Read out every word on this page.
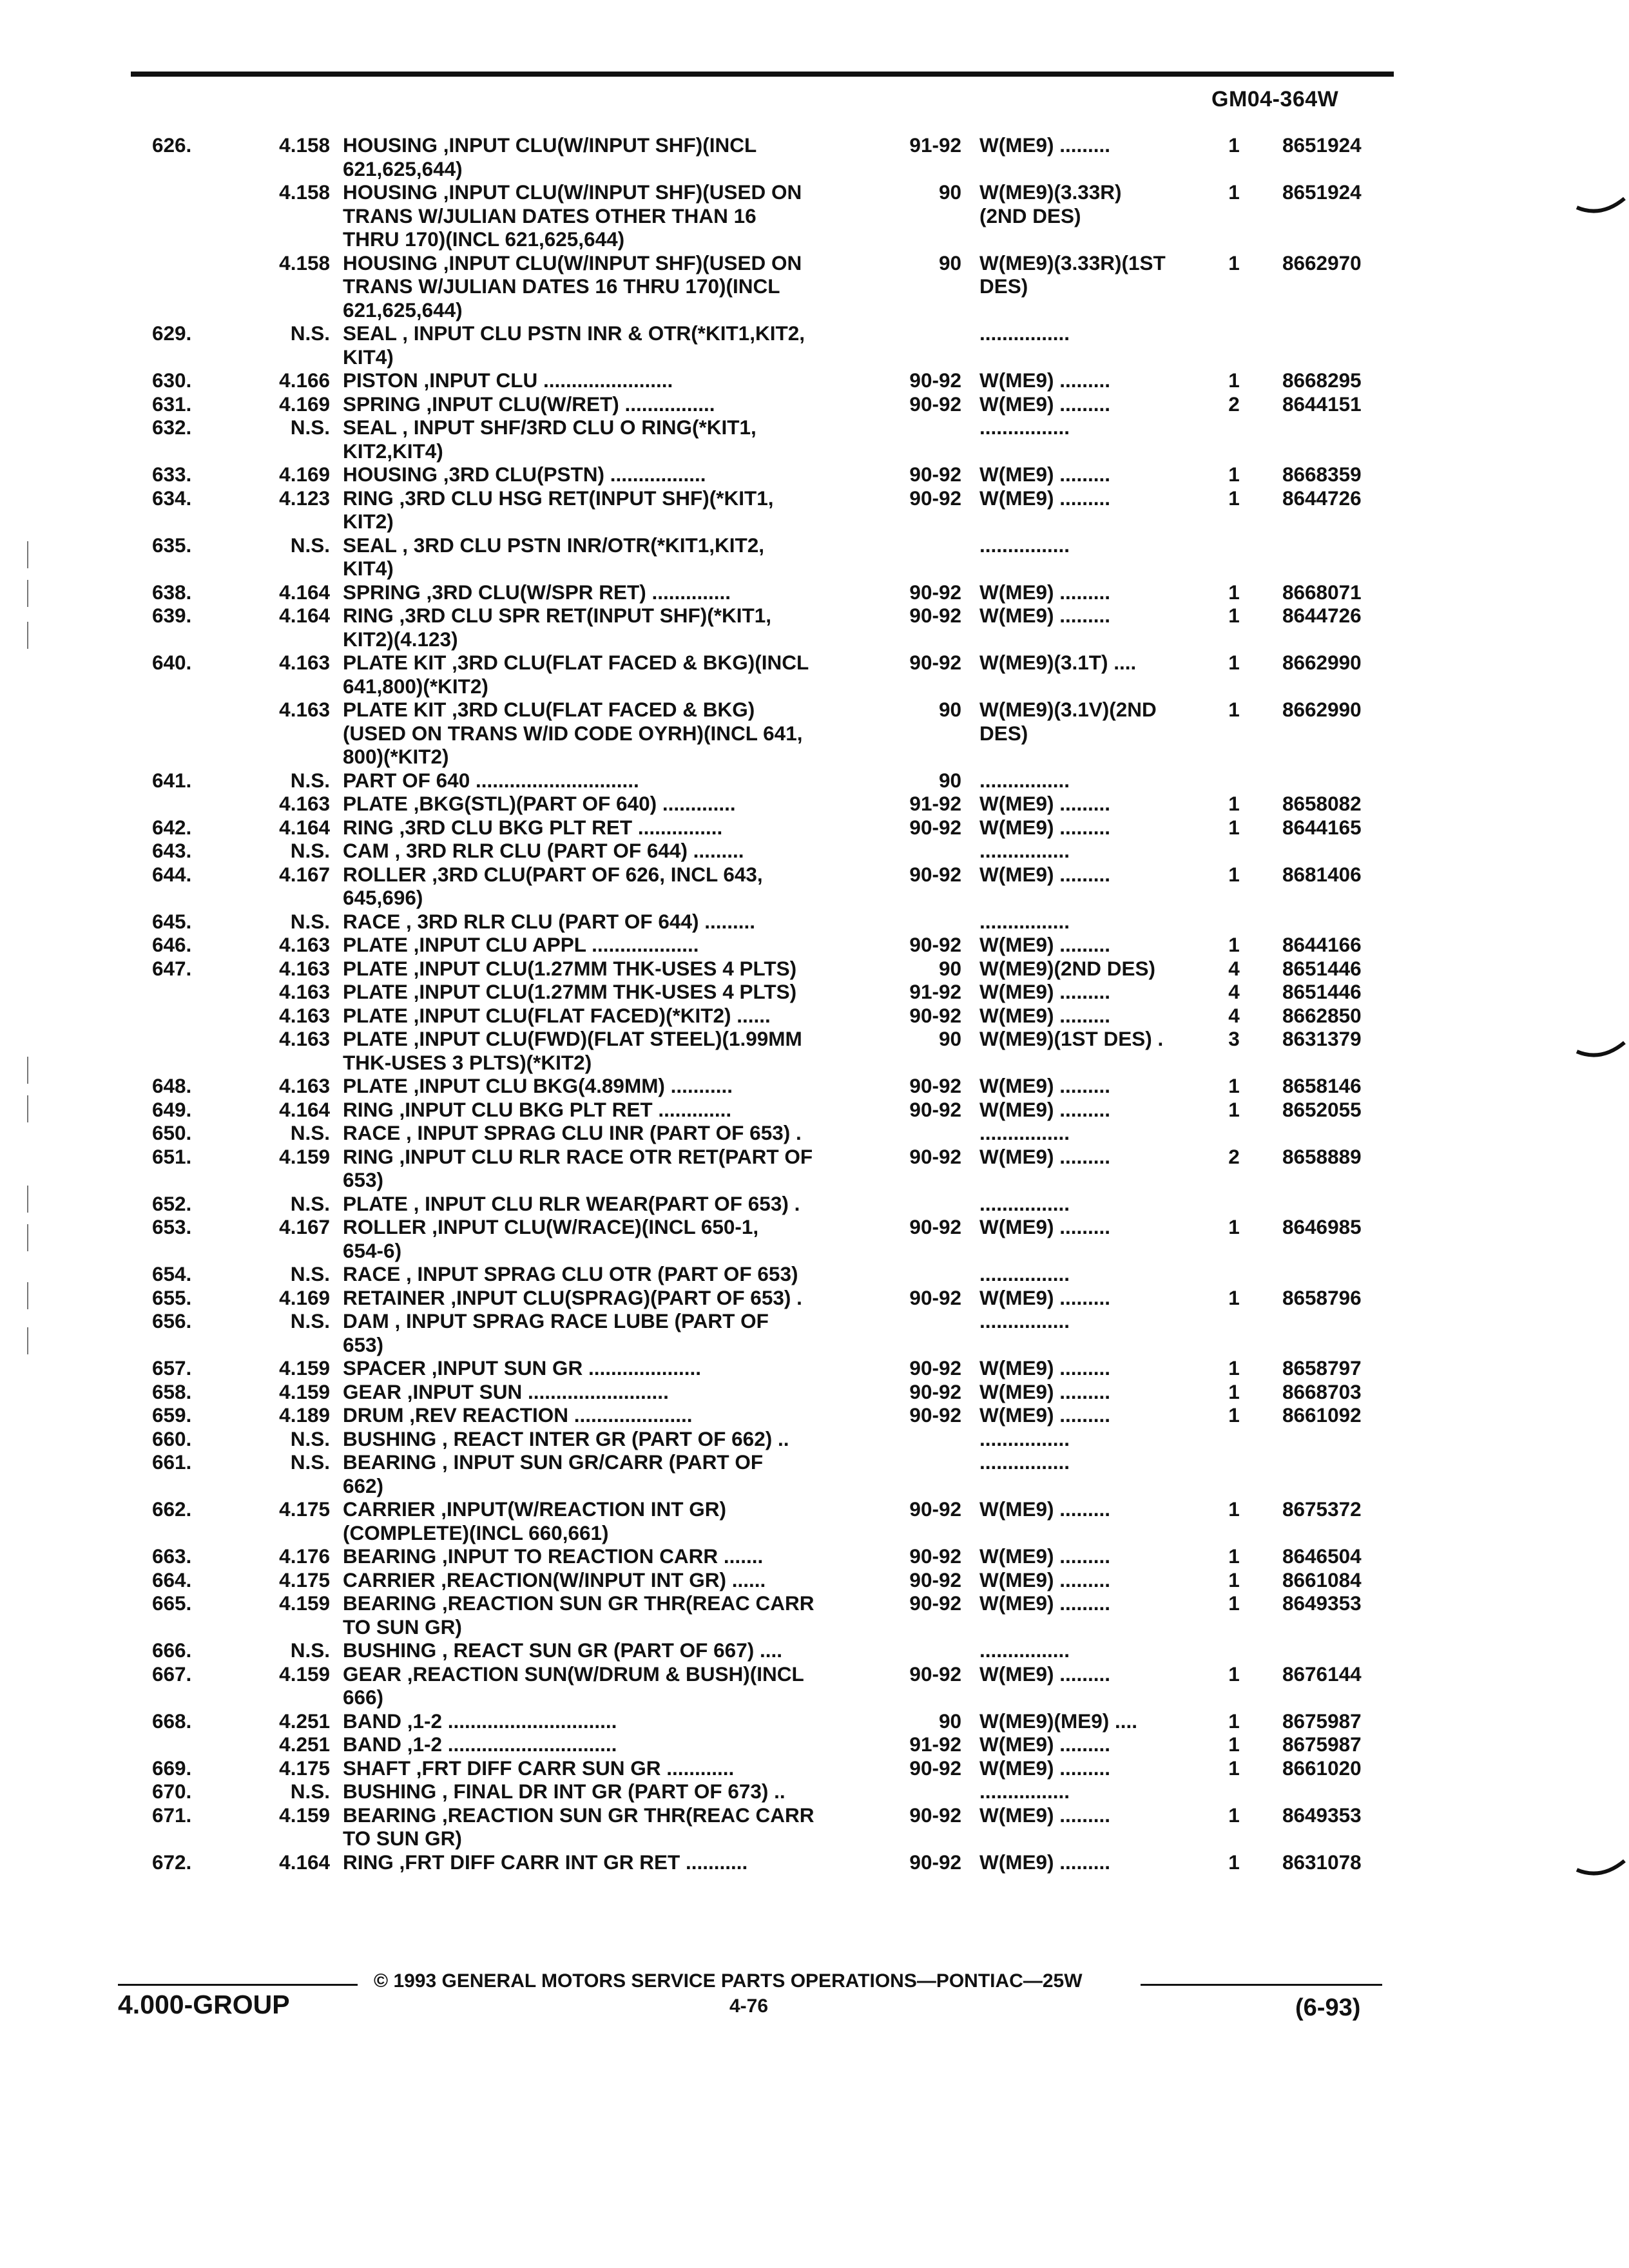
GM04-364W
626.	4.158 HOUSING ,INPUT CLU(W/INPUT SHF)(INCL	91-92 W(ME9) .........	1 8651924
621,625,644)
4.158 HOUSING ,INPUT CLU(W/INPUT SHF)(USED ON	90 W(ME9)(3.33R)	1 8651924
TRANS W/JULIAN DATES OTHER THAN 16	(2ND DES)
THRU 170)(INCL 621,625,644)
4.158 HOUSING ,INPUT CLU(W/INPUT SHF)(USED ON	90 W(ME9)(3.33R)(1ST	1 8662970
TRANS W/JULIAN DATES 16 THRU 170)(INCL	DES)
621,625,644)
629.	N.S. SEAL , INPUT CLU PSTN INR & OTR(*KIT1,KIT2,	................
KIT4)
630.	4.166 PISTON ,INPUT CLU .......................	90-92 W(ME9) .........	1 8668295
631.	4.169 SPRING ,INPUT CLU(W/RET) ................	90-92 W(ME9) .........	2 8644151
632.	N.S. SEAL , INPUT SHF/3RD CLU O RING(*KIT1,	................
KIT2,KIT4)
633.	4.169 HOUSING ,3RD CLU(PSTN) .................	90-92 W(ME9) .........	1 8668359
634.	4.123 RING ,3RD CLU HSG RET(INPUT SHF)(*KIT1,	90-92 W(ME9) .........	1 8644726
KIT2)
635.	N.S. SEAL , 3RD CLU PSTN INR/OTR(*KIT1,KIT2,	................
KIT4)
638.	4.164 SPRING ,3RD CLU(W/SPR RET) ..............	90-92 W(ME9) .........	1 8668071
639.	4.164 RING ,3RD CLU SPR RET(INPUT SHF)(*KIT1,	90-92 W(ME9) .........	1 8644726
KIT2)(4.123)
640.	4.163 PLATE KIT ,3RD CLU(FLAT FACED & BKG)(INCL	90-92 W(ME9)(3.1T) ....	1 8662990
641,800)(*KIT2)
4.163 PLATE KIT ,3RD CLU(FLAT FACED & BKG)	90 W(ME9)(3.1V)(2ND	1 8662990
(USED ON TRANS W/ID CODE OYRH)(INCL 641,	DES)
800)(*KIT2)
641.	N.S. PART OF 640 .............................	90 ................
4.163 PLATE ,BKG(STL)(PART OF 640) .............	91-92 W(ME9) .........	1 8658082
642.	4.164 RING ,3RD CLU BKG PLT RET ...............	90-92 W(ME9) .........	1 8644165
643.	N.S. CAM , 3RD RLR CLU (PART OF 644) .........	................
644.	4.167 ROLLER ,3RD CLU(PART OF 626, INCL 643,	90-92 W(ME9) .........	1 8681406
645,696)
645.	N.S. RACE , 3RD RLR CLU (PART OF 644) .........	................
646.	4.163 PLATE ,INPUT CLU APPL ...................	90-92 W(ME9) .........	1 8644166
647.	4.163 PLATE ,INPUT CLU(1.27MM THK-USES 4 PLTS)	90 W(ME9)(2ND DES)	4 8651446
4.163 PLATE ,INPUT CLU(1.27MM THK-USES 4 PLTS)	91-92 W(ME9) .........	4 8651446
4.163 PLATE ,INPUT CLU(FLAT FACED)(*KIT2) ......	90-92 W(ME9) .........	4 8662850
4.163 PLATE ,INPUT CLU(FWD)(FLAT STEEL)(1.99MM	90 W(ME9)(1ST DES) .	3 8631379
THK-USES 3 PLTS)(*KIT2)
648.	4.163 PLATE ,INPUT CLU BKG(4.89MM) ...........	90-92 W(ME9) .........	1 8658146
649.	4.164 RING ,INPUT CLU BKG PLT RET .............	90-92 W(ME9) .........	1 8652055
650.	N.S. RACE , INPUT SPRAG CLU INR (PART OF 653) .	................
651.	4.159 RING ,INPUT CLU RLR RACE OTR RET(PART OF	90-92 W(ME9) .........	2 8658889
653)
652.	N.S. PLATE , INPUT CLU RLR WEAR(PART OF 653) .	................
653.	4.167 ROLLER ,INPUT CLU(W/RACE)(INCL 650-1,	90-92 W(ME9) .........	1 8646985
654-6)
654.	N.S. RACE , INPUT SPRAG CLU OTR (PART OF 653)	................
655.	4.169 RETAINER ,INPUT CLU(SPRAG)(PART OF 653) .	90-92 W(ME9) .........	1 8658796
656.	N.S. DAM , INPUT SPRAG RACE LUBE (PART OF	................
653)
657.	4.159 SPACER ,INPUT SUN GR ....................	90-92 W(ME9) .........	1 8658797
658.	4.159 GEAR ,INPUT SUN .........................	90-92 W(ME9) .........	1 8668703
659.	4.189 DRUM ,REV REACTION .....................	90-92 W(ME9) .........	1 8661092
660.	N.S. BUSHING , REACT INTER GR (PART OF 662) ..	................
661.	N.S. BEARING , INPUT SUN GR/CARR (PART OF	................
662)
662.	4.175 CARRIER ,INPUT(W/REACTION INT GR)	90-92 W(ME9) .........	1 8675372
(COMPLETE)(INCL 660,661)
663.	4.176 BEARING ,INPUT TO REACTION CARR .......	90-92 W(ME9) .........	1 8646504
664.	4.175 CARRIER ,REACTION(W/INPUT INT GR) ......	90-92 W(ME9) .........	1 8661084
665.	4.159 BEARING ,REACTION SUN GR THR(REAC CARR	90-92 W(ME9) .........	1 8649353
TO SUN GR)
666.	N.S. BUSHING , REACT SUN GR (PART OF 667) ....	................
667.	4.159 GEAR ,REACTION SUN(W/DRUM & BUSH)(INCL	90-92 W(ME9) .........	1 8676144
666)
668.	4.251 BAND ,1-2 ..............................	90 W(ME9)(ME9) ....	1 8675987
4.251 BAND ,1-2 ..............................	91-92 W(ME9) .........	1 8675987
669.	4.175 SHAFT ,FRT DIFF CARR SUN GR ............	90-92 W(ME9) .........	1 8661020
670.	N.S. BUSHING , FINAL DR INT GR (PART OF 673) ..	................
671.	4.159 BEARING ,REACTION SUN GR THR(REAC CARR	90-92 W(ME9) .........	1 8649353
TO SUN GR)
672.	4.164 RING ,FRT DIFF CARR INT GR RET ...........	90-92 W(ME9) .........	1 8631078
© 1993 GENERAL MOTORS SERVICE PARTS OPERATIONS—PONTIAC—25W
4.000-GROUP	4-76	(6-93)
